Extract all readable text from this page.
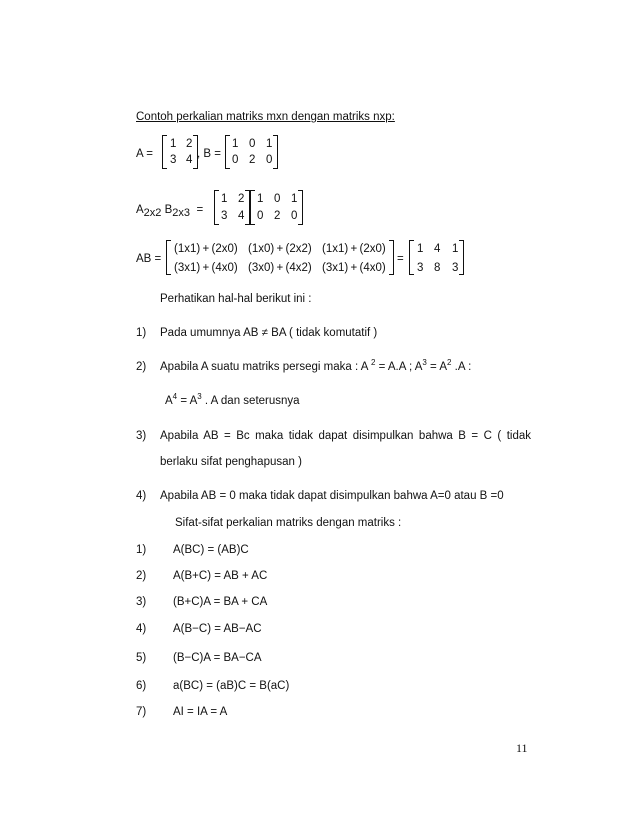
Contoh perkalian matriks mxn dengan matriks nxp:
A =
1 2
3 4 , B =
1 0 1
0 2 0
$A_{2x2}$ $B_{2x3}$ =
1 2
3 4
1 0 1
0 2 0
AB =
(1x1) + (2x0) (1x0) + (2x2) (1x1) + (2x0)
(3x1) + (4x0) (3x0) + (4x2) (3x1) + (4x0)
=
1 4 1
3 8 3
Perhatikan hal-hal berikut ini :
1) Pada umumnya AB ≠ BA ( tidak komutatif )
2) Apabila A suatu matriks persegi maka : A $^2$ = A.A ; $A^3 = A^2$ .A :
$A^4 = A^3$ . A dan seterusnya
3) Apabila AB = Bc maka tidak dapat disimpulkan bahwa B = C ( tidak
berlaku sifat penghapusan )
4) Apabila AB = 0 maka tidak dapat disimpulkan bahwa A=0 atau B =0
Sifat-sifat perkalian matriks dengan matriks :
1) A(BC) = (AB)C
2) A(B+C) = AB + AC
3) (B+C)A = BA + CA
4) A(B−C) = AB−AC
5) (B−C)A = BA−CA
6) a(BC) = (aB)C = B(aC)
7) AI = IA = A
11
